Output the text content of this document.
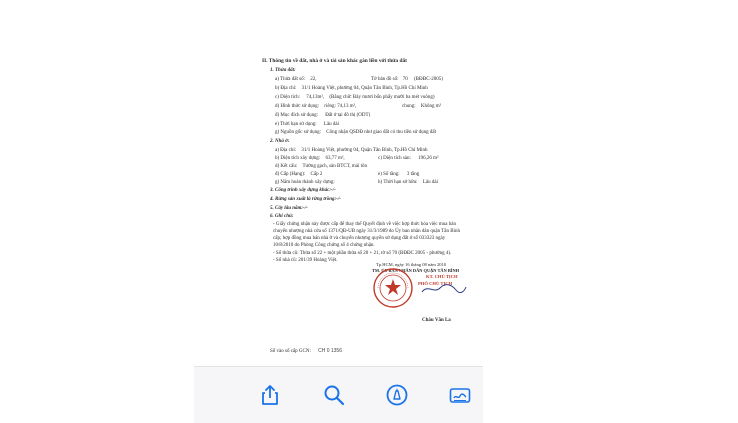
II. Thông tin về đất, nhà ở và tài sản khác gắn liền với thửa đất
1. Thửa đất:
a) Thửa đất số: 22,	Tờ bản đồ số: 70 (BĐĐC-2005)
b) Địa chỉ: 31/1 Hoàng Việt, phường 04, Quận Tân Bình, Tp.Hồ Chí Minh
c) Diện tích: 74,13m², (Bằng chữ: Bảy mươi bốn phẩy mười ba mét vuông)
d) Hình thức sử dụng: riêng: 74,13 m²,	chung: Không m²
đ) Mục đích sử dụng: Đất ở tại đô thị (ODT)
e) Thời hạn sử dụng: Lâu dài
g) Nguồn gốc sử dụng: Công nhận QSDĐ như giao đất có thu tiền sử dụng đất
2. Nhà ở:
a) Địa chỉ: 31/1 Hoàng Việt, phường 04, Quận Tân Bình, Tp.Hồ Chí Minh
b) Diện tích xây dựng: 63,77 m²,	c) Diện tích sàn: 196,26 m²
d) Kết cấu: Tường gạch, sàn BTCT, mái tôn
đ) Cấp (Hạng): Cấp 2	e) Số tầng: 3 tầng
g) Năm hoàn thành xây dựng:	h) Thời hạn sở hữu: Lâu dài
3. Công trình xây dựng khác:-/-
4. Rừng sản xuất là rừng trồng:-/-
5. Cây lâu năm:-/-
6. Ghi chú:
- Giấy chứng nhận này được cấp để thay thế Quyết định về việc hợp thức hóa việc mua bán
chuyển nhượng nhà cửa số 1371/QĐ-UB ngày 31/3/1989 do Ủy ban nhân dân quận Tân Bình
cấp; hợp đồng mua bán nhà ở và chuyển nhượng quyền sử dụng đất ở số 033323 ngày
10/8/2010 do Phòng Công chứng số 4 chứng nhận.
- Số thửa cũ: Thửa số 22 + một phần thửa số 20 + 21, tờ số 70 (BĐĐC 2005 - phường 4).
- Số nhà cũ: 201/39 Hoàng Việt.
Tp.HCM, ngày 16 tháng 08 năm 2010
TM. ỦY BAN NHÂN DÂN QUẬN TÂN BÌNH
KT. CHỦ TỊCH
PHÓ CHỦ TỊCH
Châu Văn La
Số vào sổ cấp GCN: CH 0 1356
